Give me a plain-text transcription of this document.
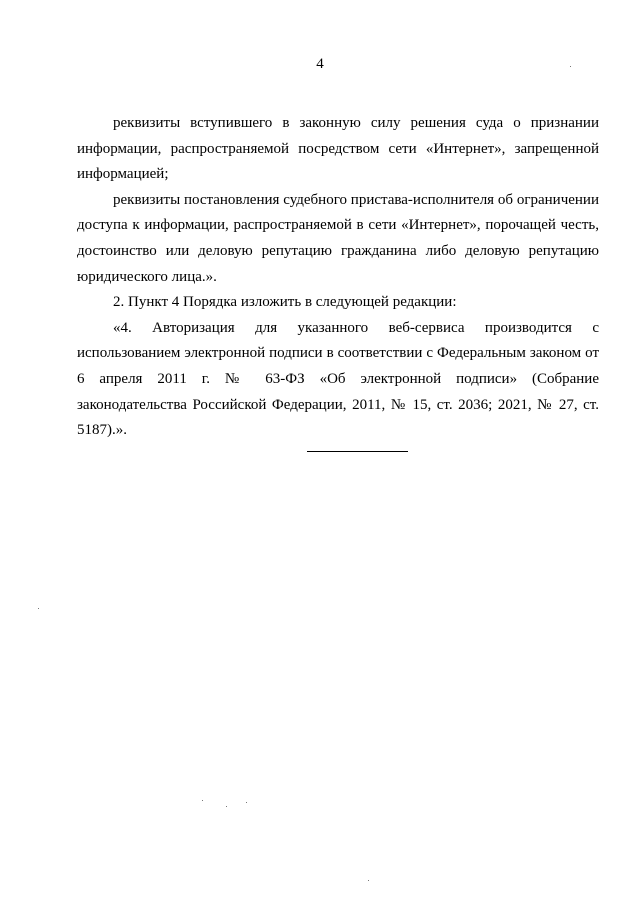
4

реквизиты вступившего в законную силу решения суда о признании информации, распространяемой посредством сети «Интернет», запрещенной информацией;

реквизиты постановления судебного пристава-исполнителя об ограничении доступа к информации, распространяемой в сети «Интернет», порочащей честь, достоинство или деловую репутацию гражданина либо деловую репутацию юридического лица.».

2. Пункт 4 Порядка изложить в следующей редакции:

«4. Авторизация для указанного веб-сервиса производится с использованием электронной подписи в соответствии с Федеральным законом от 6 апреля 2011 г. № 63-ФЗ «Об электронной подписи» (Собрание законодательства Российской Федерации, 2011, № 15, ст. 2036; 2021, № 27, ст. 5187).».
